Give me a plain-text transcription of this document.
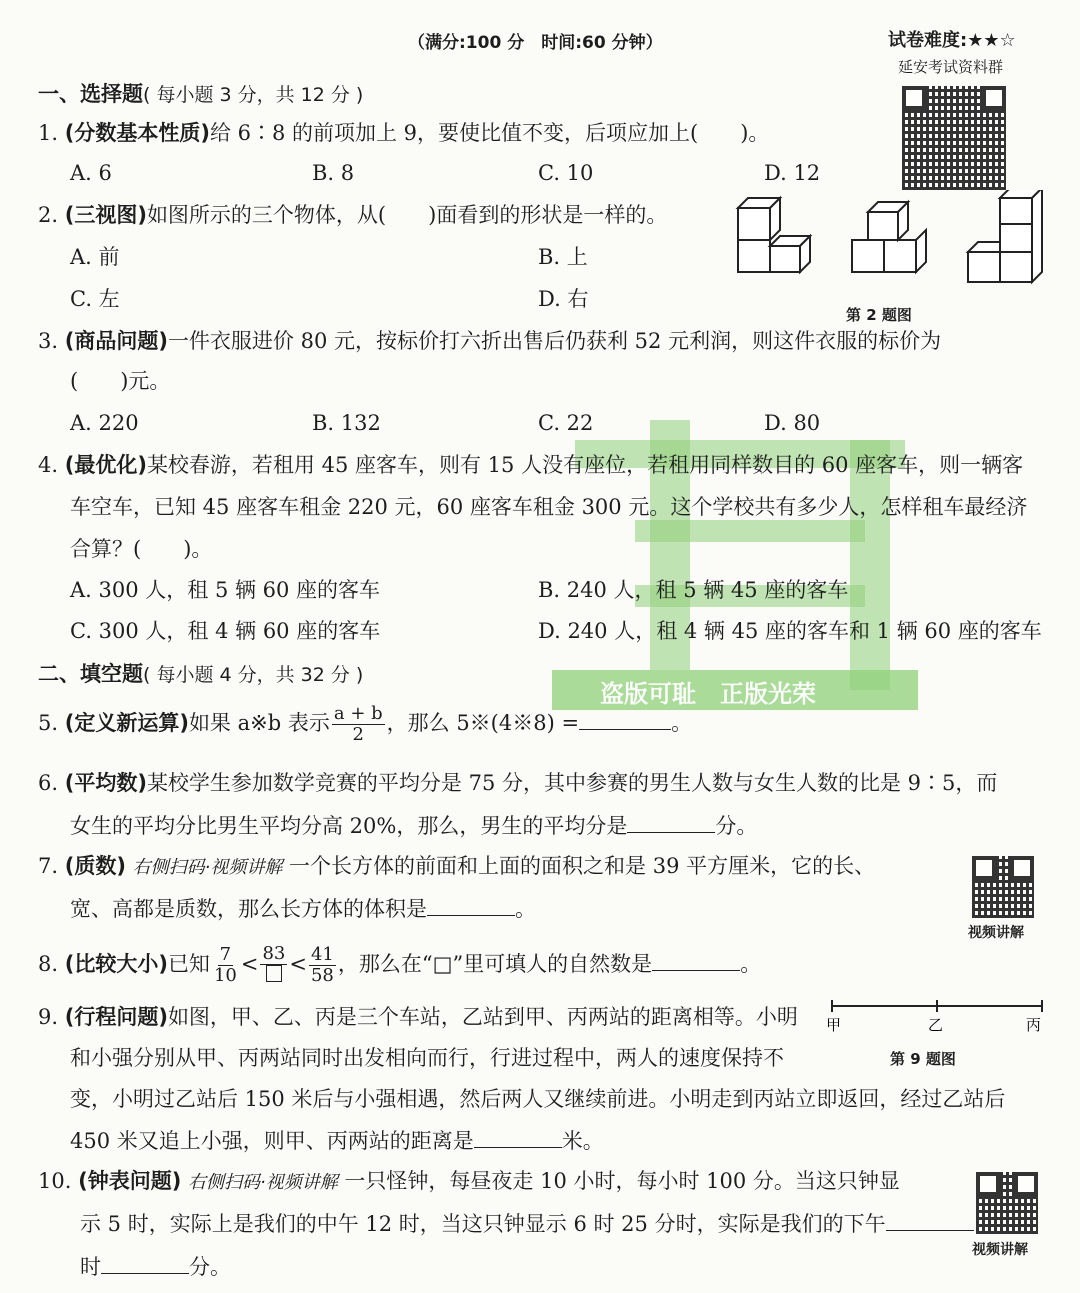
盗版可耻　正版光荣
（满分:100 分　时间:60 分钟）	试卷难度:★★☆
延安考试资料群
一、选择题( 每小题 3 分，共 12 分 )
1. (分数基本性质)给 6∶8 的前项加上 9，要使比值不变，后项应加上(　　)。
A. 6	B. 8	C. 10	D. 12
2. (三视图)如图所示的三个物体，从(　　)面看到的形状是一样的。
A. 前	B. 上
C. 左	D. 右
第 2 题图
3. (商品问题)一件衣服进价 80 元，按标价打六折出售后仍获利 52 元利润，则这件衣服的标价为
(　　)元。
A. 220	B. 132	C. 22	D. 80
4. (最优化)某校春游，若租用 45 座客车，则有 15 人没有座位，若租用同样数目的 60 座客车，则一辆客
车空车，已知 45 座客车租金 220 元，60 座客车租金 300 元。这个学校共有多少人，怎样租车最经济
合算？(　　)。
A. 300 人，租 5 辆 60 座的客车	B. 240 人，租 5 辆 45 座的客车
C. 300 人，租 4 辆 60 座的客车	D. 240 人，租 4 辆 45 座的客车和 1 辆 60 座的客车
二、填空题( 每小题 4 分，共 32 分 )
5. (定义新运算)如果 a※b 表示 $\frac{a + b}{2}$ ，那么 5※(4※8) =	。
6. (平均数)某校学生参加数学竞赛的平均分是 75 分，其中参赛的男生人数与女生人数的比是 9∶5，而
女生的平均分比男生平均分高 20%，那么，男生的平均分是	分。
7. (质数) 右侧扫码·视频讲解 一个长方体的前面和上面的面积之和是 39 平方厘米，它的长、
宽、高都是质数，那么长方体的体积是	。
视频讲解
8. (比较大小)已知 $\frac{7}{10} < 83 < \frac{41}{58}$ ，那么在“□”里可填人的自然数是	。
9. (行程问题)如图，甲、乙、丙是三个车站，乙站到甲、丙两站的距离相等。小明
和小强分别从甲、丙两站同时出发相向而行，行进过程中，两人的速度保持不
变，小明过乙站后 150 米后与小强相遇，然后两人又继续前进。小明走到丙站立即返回，经过乙站后
450 米又追上小强，则甲、丙两站的距离是	米。
甲	乙	丙
第 9 题图
10. (钟表问题) 右侧扫码·视频讲解 一只怪钟，每昼夜走 10 小时，每小时 100 分。当这只钟显
示 5 时，实际上是我们的中午 12 时，当这只钟显示 6 时 25 分时，实际是我们的下午
时	分。
视频讲解
